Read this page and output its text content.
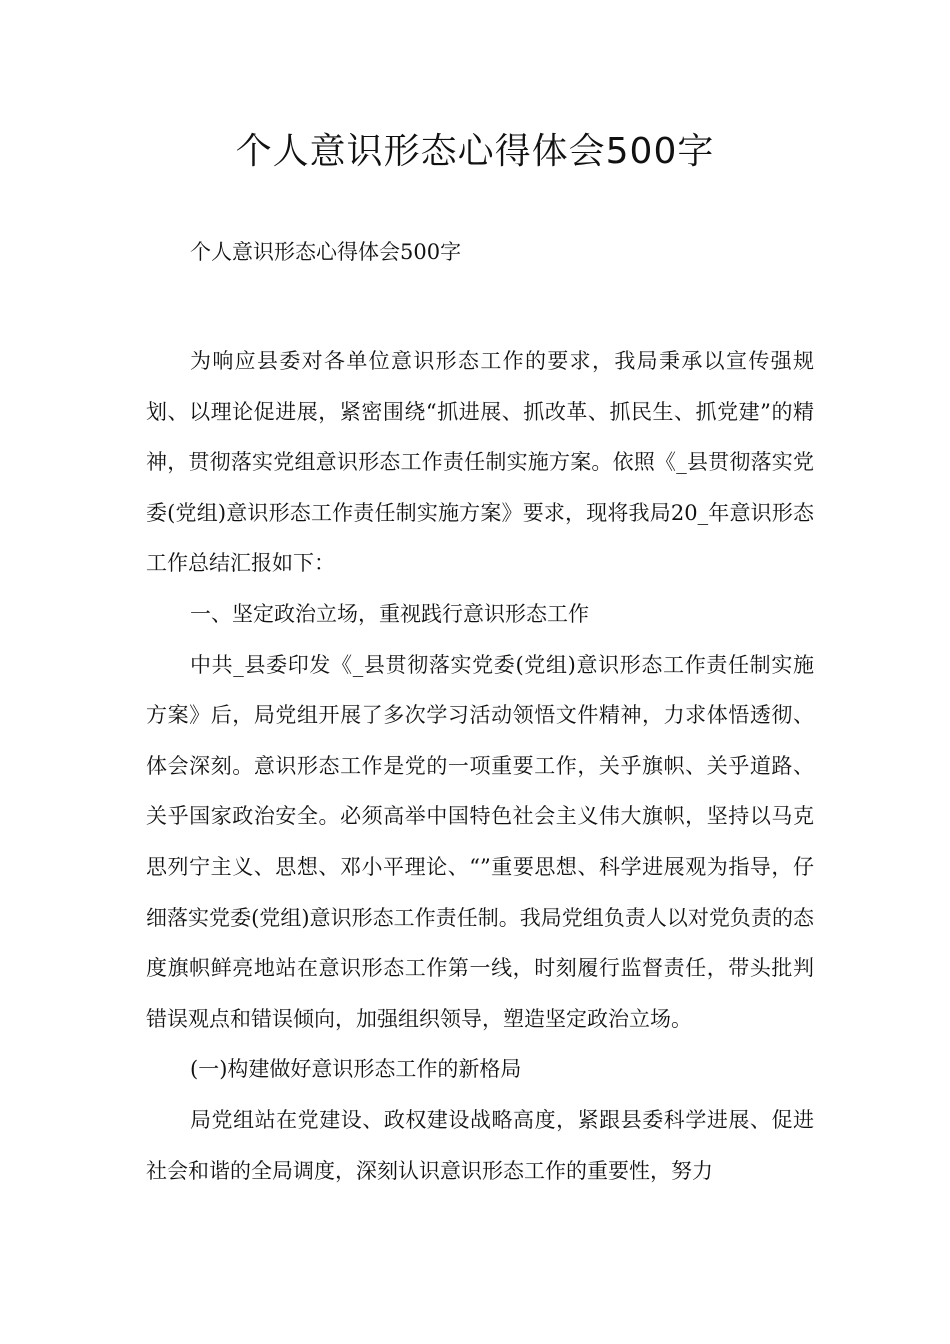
个人意识形态心得体会500字

个人意识形态心得体会500字

为响应县委对各单位意识形态工作的要求，我局秉承以宣传强规划、以理论促进展，紧密围绕“抓进展、抓改革、抓民生、抓党建”的精神，贯彻落实党组意识形态工作责任制实施方案。依照《_县贯彻落实党委(党组)意识形态工作责任制实施方案》要求，现将我局20_年意识形态工作总结汇报如下：

一、坚定政治立场，重视践行意识形态工作

中共_县委印发《_县贯彻落实党委(党组)意识形态工作责任制实施方案》后，局党组开展了多次学习活动领悟文件精神，力求体悟透彻、体会深刻。意识形态工作是党的一项重要工作，关乎旗帜、关乎道路、关乎国家政治安全。必须高举中国特色社会主义伟大旗帜，坚持以马克思列宁主义、思想、邓小平理论、“”重要思想、科学进展观为指导，仔细落实党委(党组)意识形态工作责任制。我局党组负责人以对党负责的态度旗帜鲜亮地站在意识形态工作第一线，时刻履行监督责任，带头批判错误观点和错误倾向，加强组织领导，塑造坚定政治立场。

(一)构建做好意识形态工作的新格局

局党组站在党建设、政权建设战略高度，紧跟县委科学进展、促进社会和谐的全局调度，深刻认识意识形态工作的重要性，努力
